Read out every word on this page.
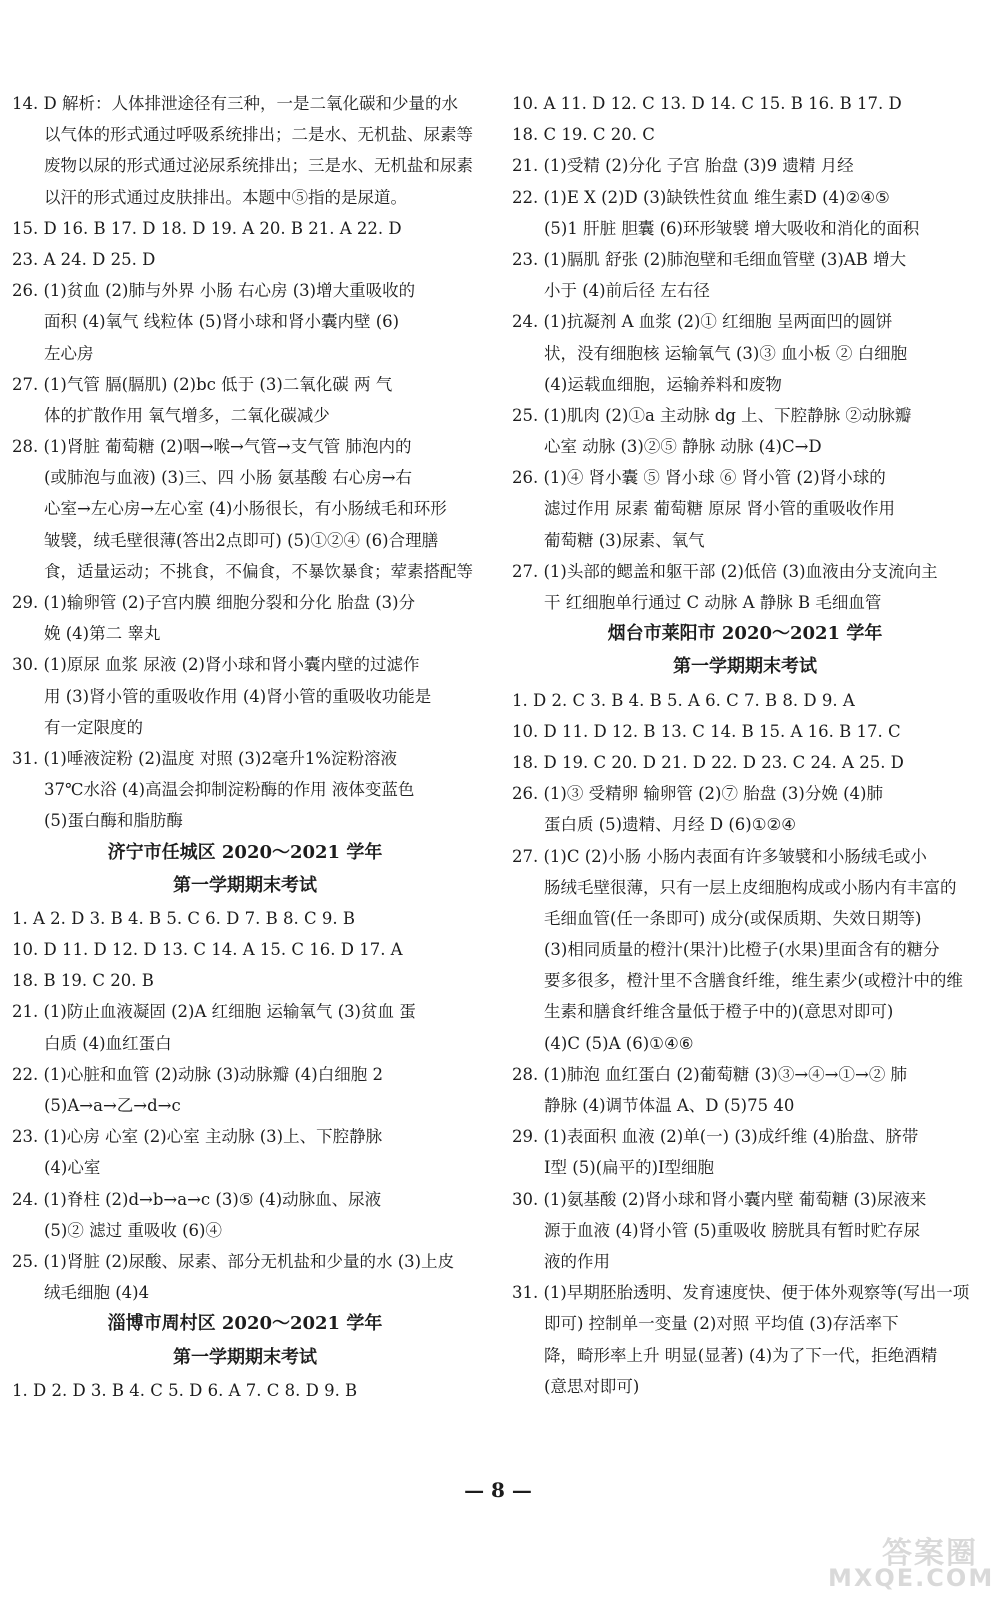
14. D 解析：人体排泄途径有三种，一是二氧化碳和少量的水
以气体的形式通过呼吸系统排出；二是水、无机盐、尿素等
废物以尿的形式通过泌尿系统排出；三是水、无机盐和尿素
以汗的形式通过皮肤排出。本题中⑤指的是尿道。
15. D 16. B 17. D 18. D 19. A 20. B 21. A 22. D
23. A 24. D 25. D
26. (1)贫血 (2)肺与外界 小肠 右心房 (3)增大重吸收的
面积 (4)氧气 线粒体 (5)肾小球和肾小囊内壁 (6)
左心房
27. (1)气管 膈(膈肌) (2)bc 低于 (3)二氧化碳 两 气
体的扩散作用 氧气增多，二氧化碳减少
28. (1)肾脏 葡萄糖 (2)咽→喉→气管→支气管 肺泡内的
(或肺泡与血液) (3)三、四 小肠 氨基酸 右心房→右
心室→左心房→左心室 (4)小肠很长，有小肠绒毛和环形
皱襞，绒毛壁很薄(答出2点即可) (5)①②④ (6)合理膳
食，适量运动；不挑食，不偏食，不暴饮暴食；荤素搭配等
29. (1)输卵管 (2)子宫内膜 细胞分裂和分化 胎盘 (3)分
娩 (4)第二 睾丸
30. (1)原尿 血浆 尿液 (2)肾小球和肾小囊内壁的过滤作
用 (3)肾小管的重吸收作用 (4)肾小管的重吸收功能是
有一定限度的
31. (1)唾液淀粉 (2)温度 对照 (3)2毫升1%淀粉溶液
37℃水浴 (4)高温会抑制淀粉酶的作用 液体变蓝色
(5)蛋白酶和脂肪酶
济宁市任城区 2020～2021 学年
第一学期期末考试
1. A 2. D 3. B 4. B 5. C 6. D 7. B 8. C 9. B
10. D 11. D 12. D 13. C 14. A 15. C 16. D 17. A
18. B 19. C 20. B
21. (1)防止血液凝固 (2)A 红细胞 运输氧气 (3)贫血 蛋
白质 (4)血红蛋白
22. (1)心脏和血管 (2)动脉 (3)动脉瓣 (4)白细胞 2
(5)A→a→乙→d→c
23. (1)心房 心室 (2)心室 主动脉 (3)上、下腔静脉
(4)心室
24. (1)脊柱 (2)d→b→a→c (3)⑤ (4)动脉血、尿液
(5)② 滤过 重吸收 (6)④
25. (1)肾脏 (2)尿酸、尿素、部分无机盐和少量的水 (3)上皮
绒毛细胞 (4)4
淄博市周村区 2020～2021 学年
第一学期期末考试
1. D 2. D 3. B 4. C 5. D 6. A 7. C 8. D 9. B
10. A 11. D 12. C 13. D 14. C 15. B 16. B 17. D
18. C 19. C 20. C
21. (1)受精 (2)分化 子宫 胎盘 (3)9 遗精 月经
22. (1)E X (2)D (3)缺铁性贫血 维生素D (4)②④⑤
(5)1 肝脏 胆囊 (6)环形皱襞 增大吸收和消化的面积
23. (1)膈肌 舒张 (2)肺泡壁和毛细血管壁 (3)AB 增大
小于 (4)前后径 左右径
24. (1)抗凝剂 A 血浆 (2)① 红细胞 呈两面凹的圆饼
状，没有细胞核 运输氧气 (3)③ 血小板 ② 白细胞
(4)运载血细胞，运输养料和废物
25. (1)肌肉 (2)①a 主动脉 dg 上、下腔静脉 ②动脉瓣
心室 动脉 (3)②⑤ 静脉 动脉 (4)C→D
26. (1)④ 肾小囊 ⑤ 肾小球 ⑥ 肾小管 (2)肾小球的
滤过作用 尿素 葡萄糖 原尿 肾小管的重吸收作用
葡萄糖 (3)尿素、氧气
27. (1)头部的鳃盖和躯干部 (2)低倍 (3)血液由分支流向主
干 红细胞单行通过 C 动脉 A 静脉 B 毛细血管
烟台市莱阳市 2020～2021 学年
第一学期期末考试
1. D 2. C 3. B 4. B 5. A 6. C 7. B 8. D 9. A
10. D 11. D 12. B 13. C 14. B 15. A 16. B 17. C
18. D 19. C 20. D 21. D 22. D 23. C 24. A 25. D
26. (1)③ 受精卵 输卵管 (2)⑦ 胎盘 (3)分娩 (4)肺
蛋白质 (5)遗精、月经 D (6)①②④
27. (1)C (2)小肠 小肠内表面有许多皱襞和小肠绒毛或小
肠绒毛壁很薄，只有一层上皮细胞构成或小肠内有丰富的
毛细血管(任一条即可) 成分(或保质期、失效日期等)
(3)相同质量的橙汁(果汁)比橙子(水果)里面含有的糖分
要多很多，橙汁里不含膳食纤维，维生素少(或橙汁中的维
生素和膳食纤维含量低于橙子中的)(意思对即可)
(4)C (5)A (6)①④⑥
28. (1)肺泡 血红蛋白 (2)葡萄糖 (3)③→④→①→② 肺
静脉 (4)调节体温 A、D (5)75 40
29. (1)表面积 血液 (2)单(一) (3)成纤维 (4)胎盘、脐带
Ⅰ型 (5)(扁平的)Ⅰ型细胞
30. (1)氨基酸 (2)肾小球和肾小囊内壁 葡萄糖 (3)尿液来
源于血液 (4)肾小管 (5)重吸收 膀胱具有暂时贮存尿
液的作用
31. (1)早期胚胎透明、发育速度快、便于体外观察等(写出一项
即可) 控制单一变量 (2)对照 平均值 (3)存活率下
降，畸形率上升 明显(显著) (4)为了下一代，拒绝酒精
(意思对即可)
— 8 —
答案圈
MXQE.COM
